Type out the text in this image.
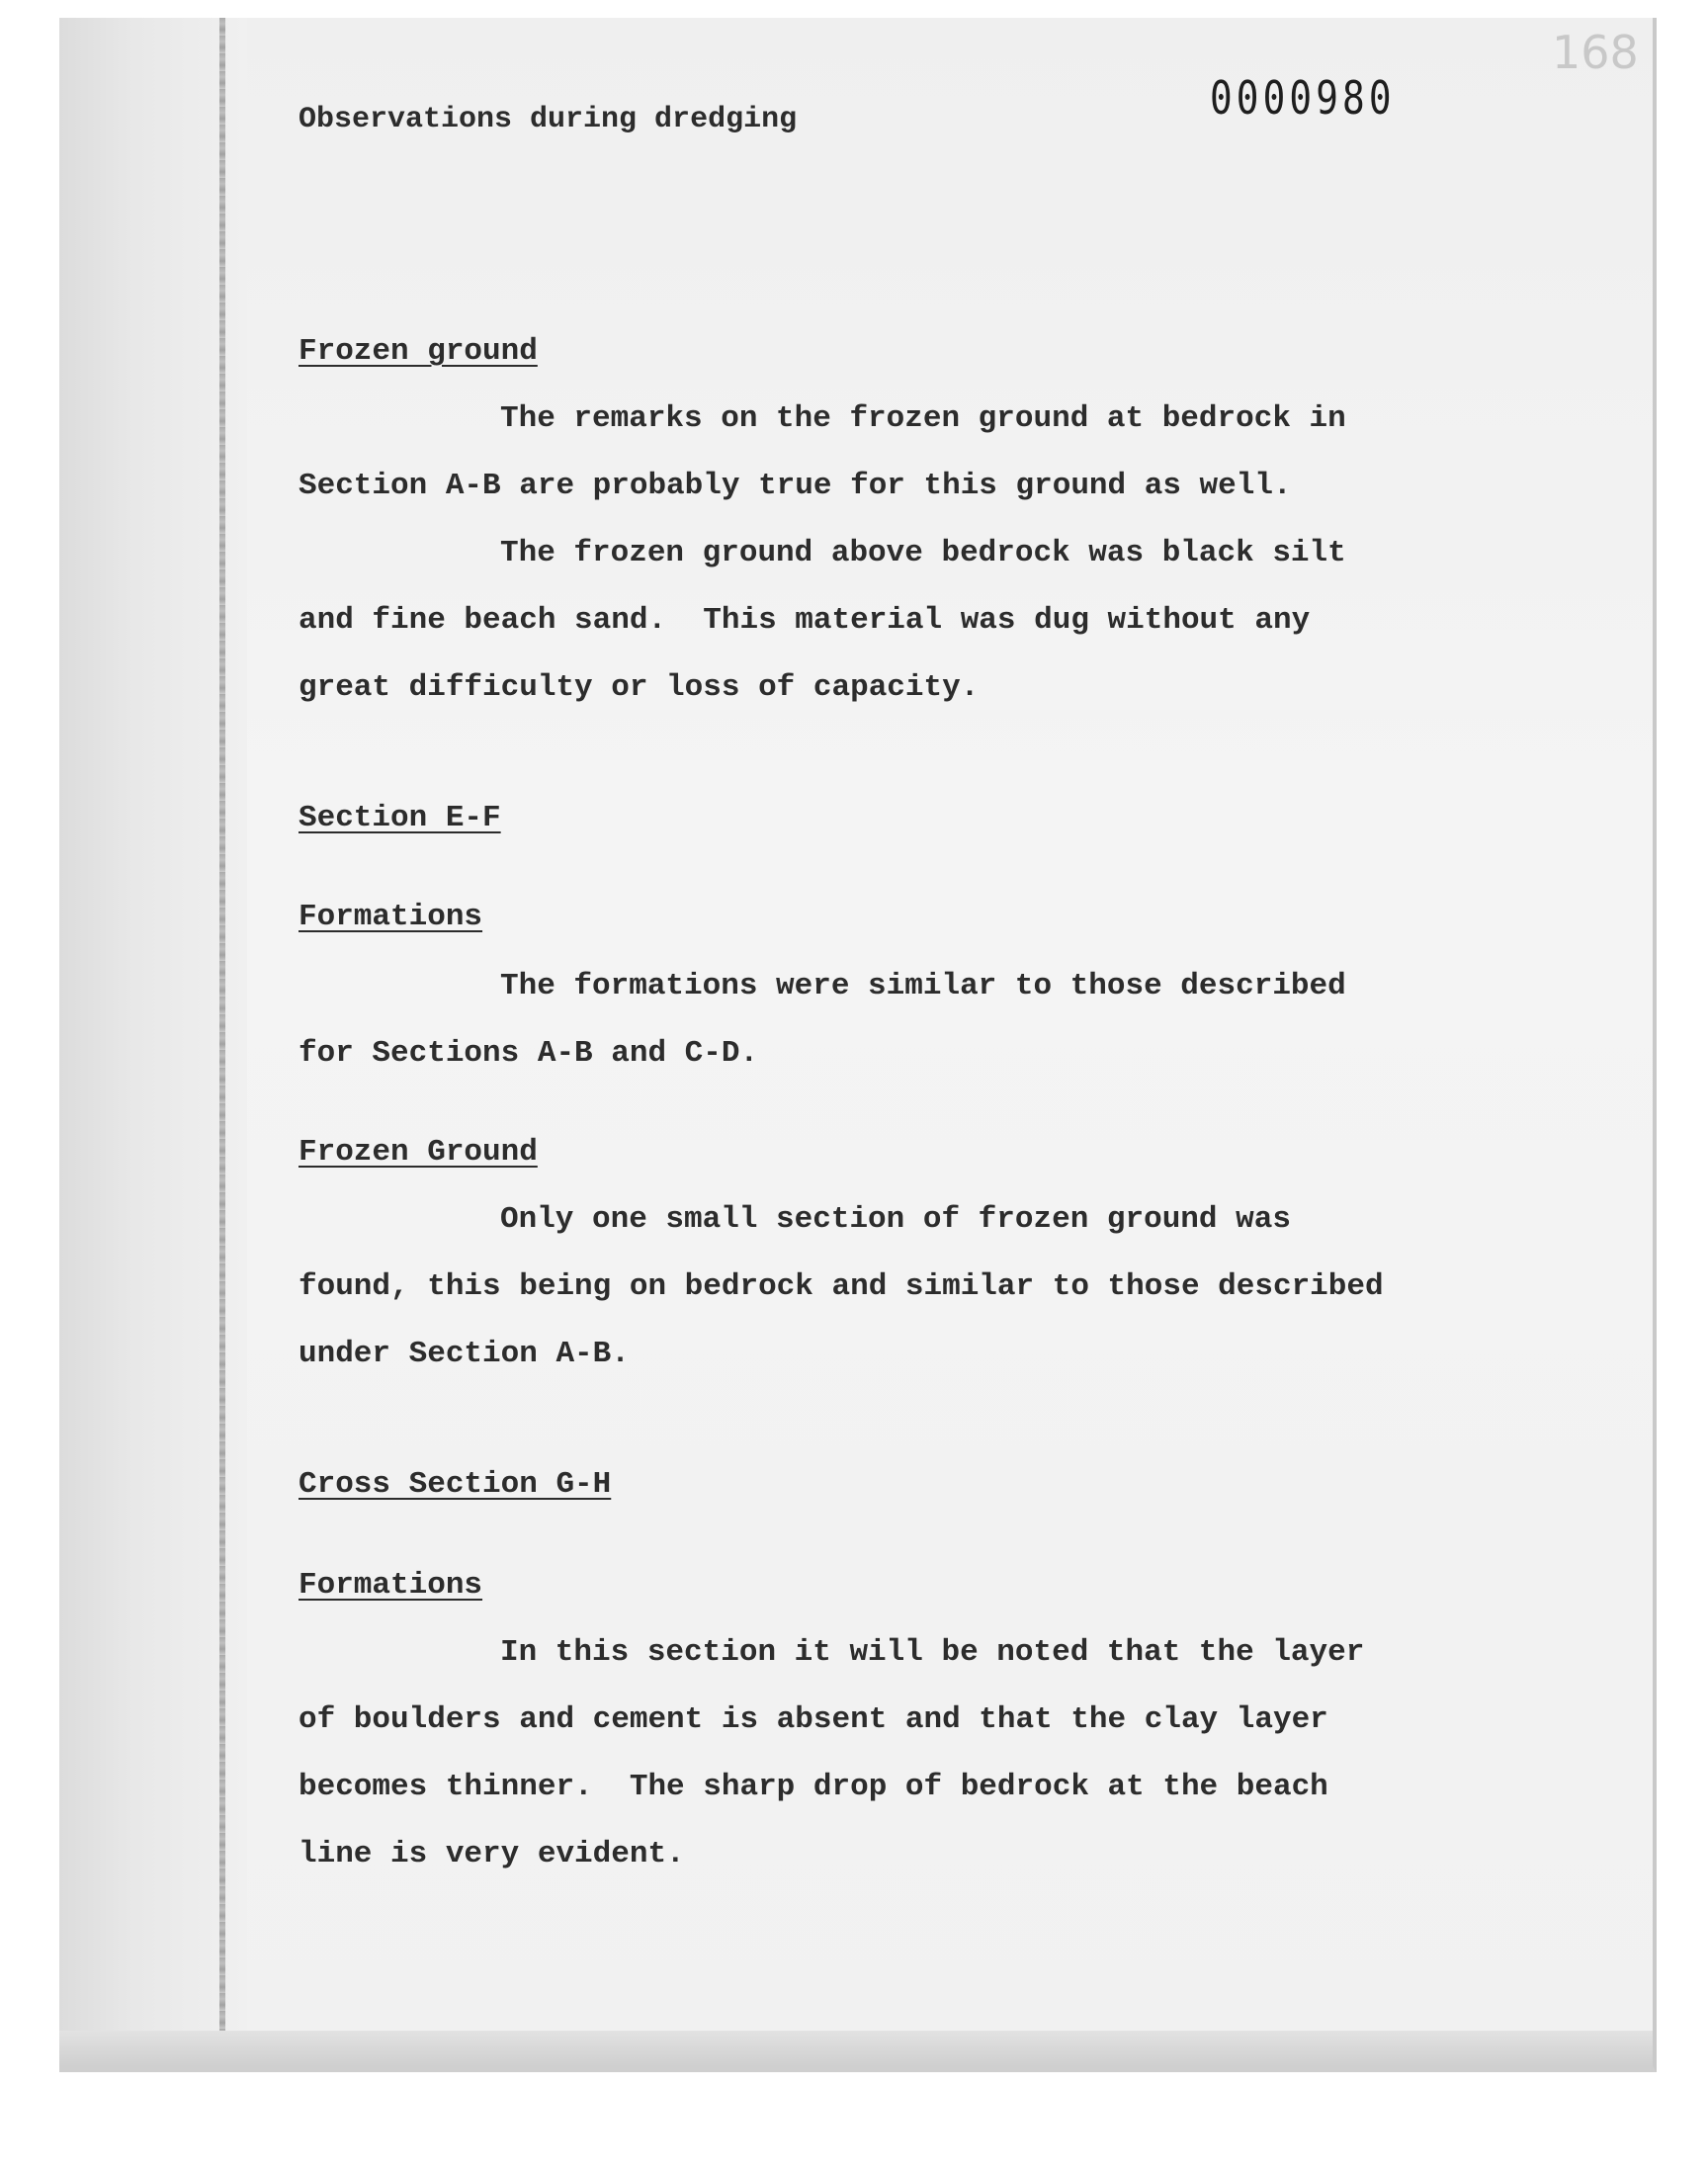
168
0000980
Observations during dredging
Frozen ground
The remarks on the frozen ground at bedrock in
Section A-B are probably true for this ground as well.
The frozen ground above bedrock was black silt
and fine beach sand.  This material was dug without any
great difficulty or loss of capacity.
Section E-F
Formations
The formations were similar to those described
for Sections A-B and C-D.
Frozen Ground
Only one small section of frozen ground was
found, this being on bedrock and similar to those described
under Section A-B.
Cross Section G-H
Formations
In this section it will be noted that the layer
of boulders and cement is absent and that the clay layer
becomes thinner.  The sharp drop of bedrock at the beach
line is very evident.
